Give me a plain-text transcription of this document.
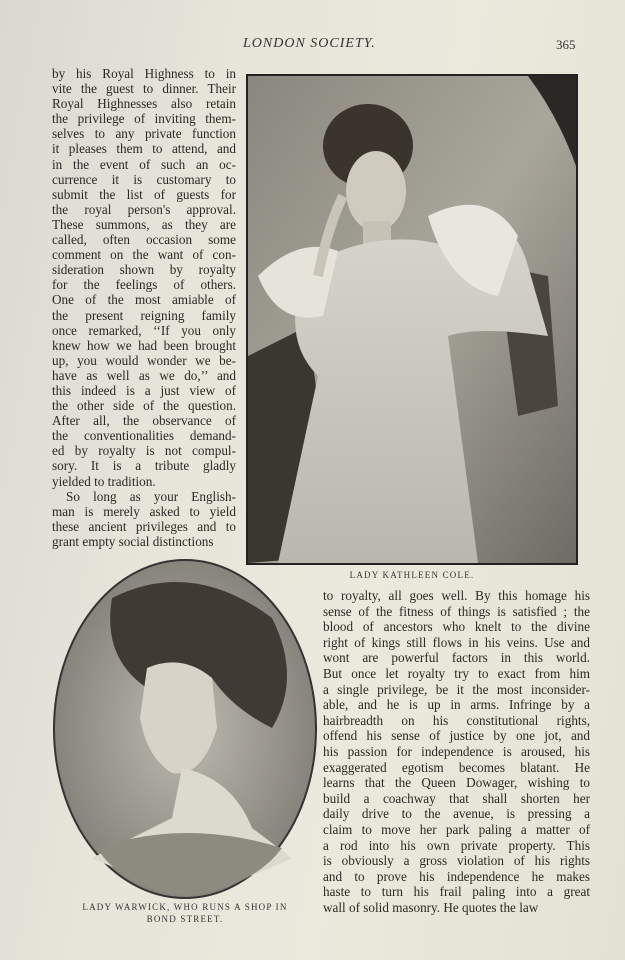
LONDON SOCIETY.	365
by his Royal Highness to in
vite the guest to dinner. Their
Royal Highnesses also retain
the privilege of inviting them-
selves to any private function
it pleases them to attend, and
in the event of such an oc-
currence it is customary to
submit the list of guests for
the royal person's approval.
These summons, as they are
called, often occasion some
comment on the want of con-
sideration shown by royalty
for the feelings of others.
One of the most amiable of
the present reigning family
once remarked, ‘‘If you only
knew how we had been brought
up, you would wonder we be-
have as well as we do,’’ and
this indeed is a just view of
the other side of the question.
After all, the observance of
the conventionalities demand-
ed by royalty is not compul-
sory. It is a tribute gladly
yielded to tradition.
So long as your English-
man is merely asked to yield
these ancient privileges and to
grant empty social distinctions
LADY KATHLEEN COLE.
LADY WARWICK, WHO RUNS A SHOP IN
BOND STREET.
to royalty, all goes well. By this homage his
sense of the fitness of things is satisfied ; the
blood of ancestors who knelt to the divine
right of kings still flows in his veins. Use and
wont are powerful factors in this world.
But once let royalty try to exact from him
a single privilege, be it the most inconsider-
able, and he is up in arms. Infringe by a
hairbreadth on his constitutional rights,
offend his sense of justice by one jot, and
his passion for independence is aroused, his
exaggerated egotism becomes blatant. He
learns that the Queen Dowager, wishing to
build a coachway that shall shorten her
daily drive to the avenue, is pressing a
claim to move her park paling a matter of
a rod into his own private property. This
is obviously a gross violation of his rights
and to prove his independence he makes
haste to turn his frail paling into a great
wall of solid masonry. He quotes the law
